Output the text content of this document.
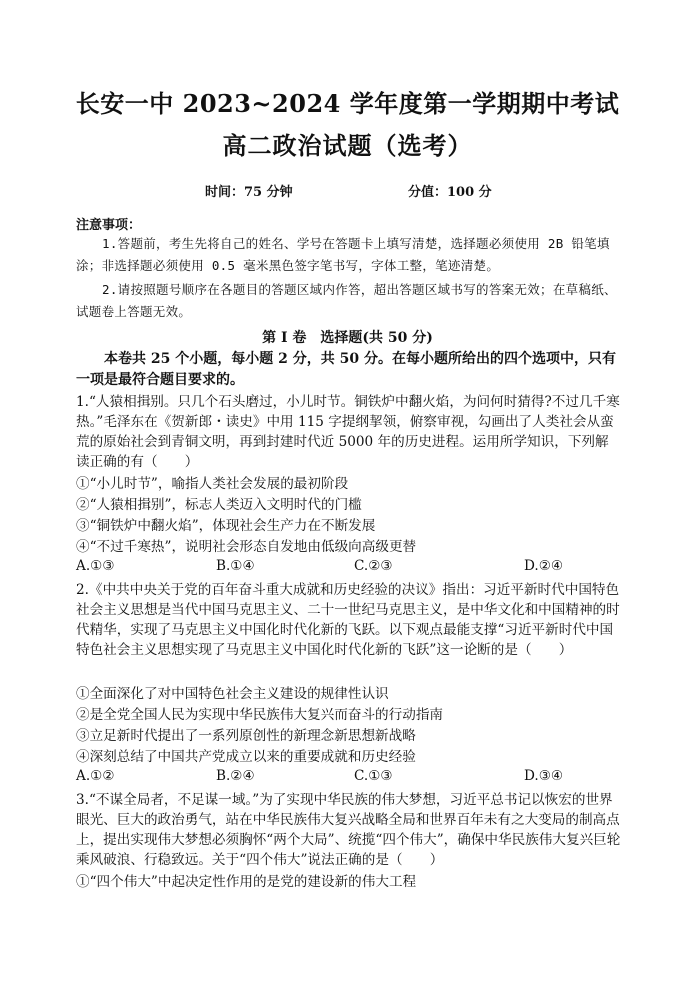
长安一中 2023~2024 学年度第一学期期中考试
高二政治试题（选考）
时间：75 分钟	分值：100 分
注意事项：
1.答题前，考生先将自己的姓名、学号在答题卡上填写清楚，选择题必须使用 2B 铅笔填涂；非选择题必须使用 0.5 毫米黑色签字笔书写，字体工整，笔迹清楚。
2.请按照题号顺序在各题目的答题区域内作答，超出答题区域书写的答案无效；在草稿纸、试题卷上答题无效。
第 I 卷　选择题(共 50 分)
本卷共 25 个小题，每小题 2 分，共 50 分。在每小题所给出的四个选项中，只有一项是最符合题目要求的。
1.“人猿相揖别。只几个石头磨过，小儿时节。铜铁炉中翻火焰，为问何时猜得?不过几千寒热。”毛泽东在《贺新郎・读史》中用 115 字提纲挈领，俯察审视，勾画出了人类社会从蛮荒的原始社会到青铜文明，再到封建时代近 5000 年的历史进程。运用所学知识，下列解读正确的有（　　）
①“小儿时节”，喻指人类社会发展的最初阶段
②“人猿相揖别”，标志人类迈入文明时代的门槛
③“铜铁炉中翻火焰”，体现社会生产力在不断发展
④“不过千寒热”，说明社会形态自发地由低级向高级更替
A.①③	B.①④	C.②③	D.②④
2.《中共中央关于党的百年奋斗重大成就和历史经验的决议》指出：习近平新时代中国特色社会主义思想是当代中国马克思主义、二十一世纪马克思主义，是中华文化和中国精神的时代精华，实现了马克思主义中国化时代化新的飞跃。以下观点最能支撑“习近平新时代中国特色社会主义思想实现了马克思主义中国化时代化新的飞跃”这一论断的是（　　）
①全面深化了对中国特色社会主义建设的规律性认识
②是全党全国人民为实现中华民族伟大复兴而奋斗的行动指南
③立足新时代提出了一系列原创性的新理念新思想新战略
④深刻总结了中国共产党成立以来的重要成就和历史经验
A.①②	B.②④	C.①③	D.③④
3.“不谋全局者，不足谋一域。”为了实现中华民族的伟大梦想，习近平总书记以恢宏的世界眼光、巨大的政治勇气，站在中华民族伟大复兴战略全局和世界百年未有之大变局的制高点上，提出实现伟大梦想必须胸怀“两个大局”、统揽“四个伟大”，确保中华民族伟大复兴巨轮乘风破浪、行稳致远。关于“四个伟大”说法正确的是（　　）
①“四个伟大”中起决定性作用的是党的建设新的伟大工程
